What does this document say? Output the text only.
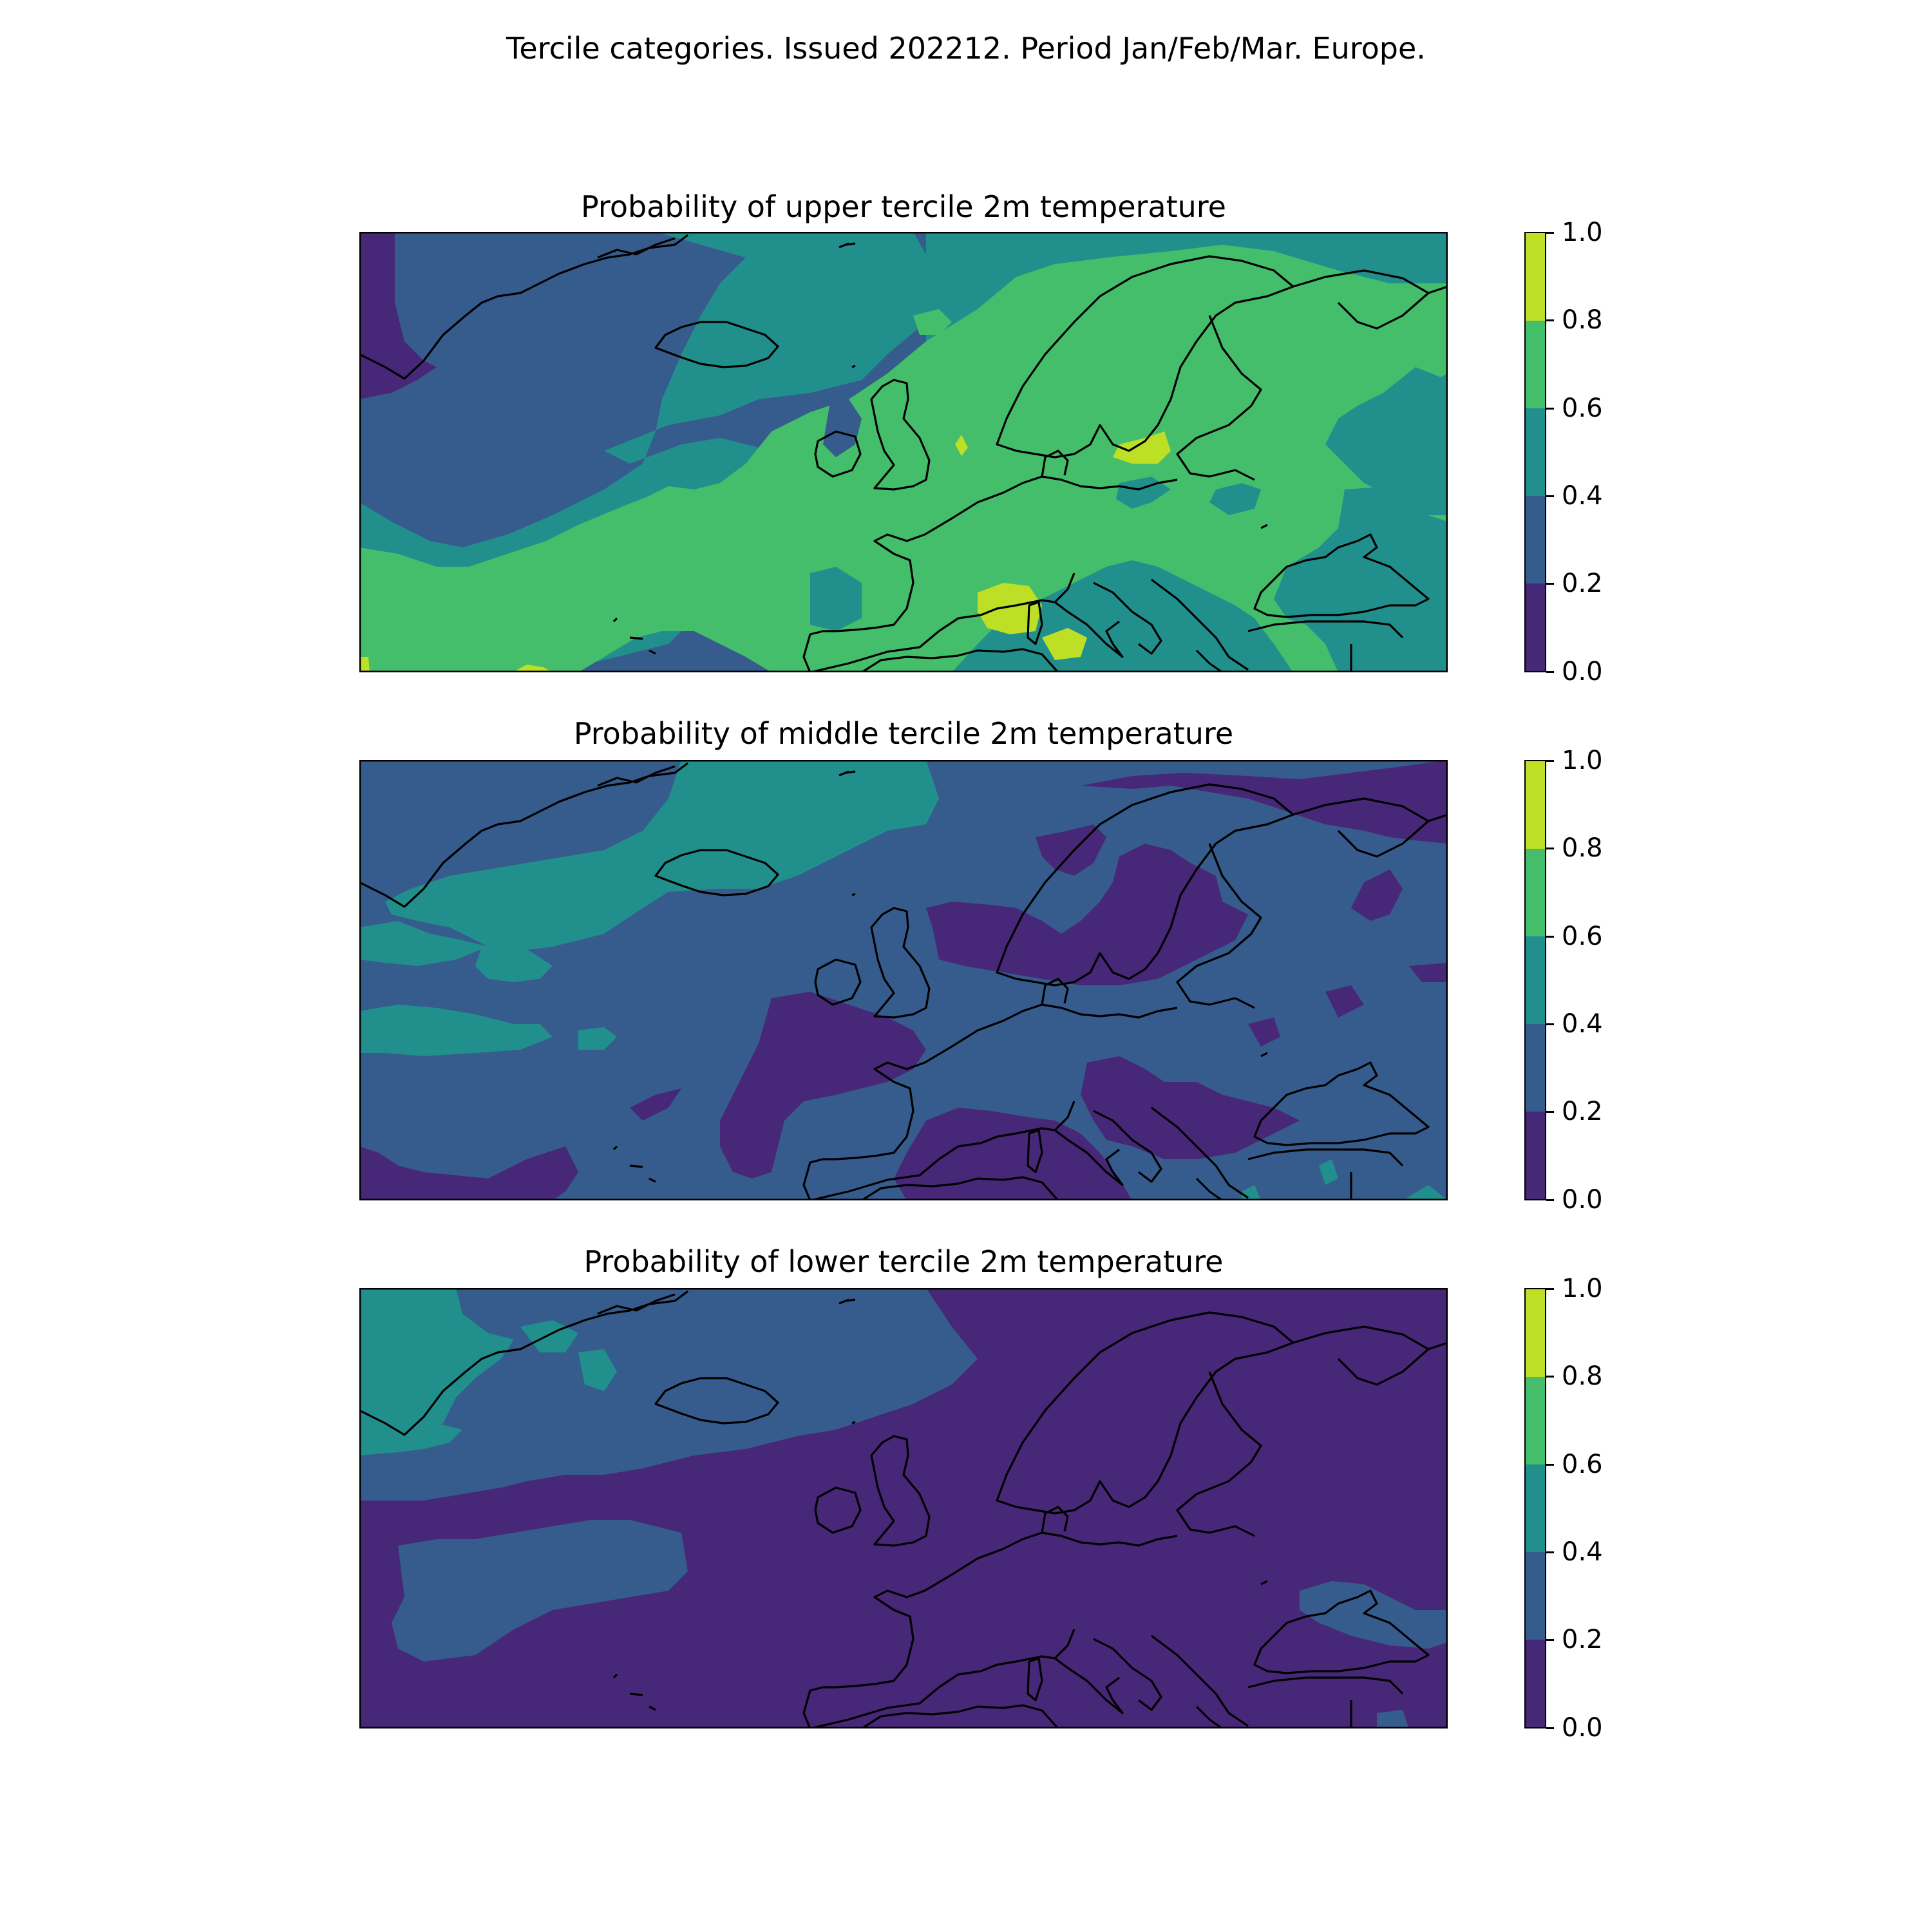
Tercile categories. Issued 202212. Period Jan/Feb/Mar. Europe.
Probability of upper tercile 2m temperature
0.0
0.2
0.4
0.6
0.8
1.0
Probability of middle tercile 2m temperature
0.0
0.2
0.4
0.6
0.8
1.0
Probability of lower tercile 2m temperature
0.0
0.2
0.4
0.6
0.8
1.0
